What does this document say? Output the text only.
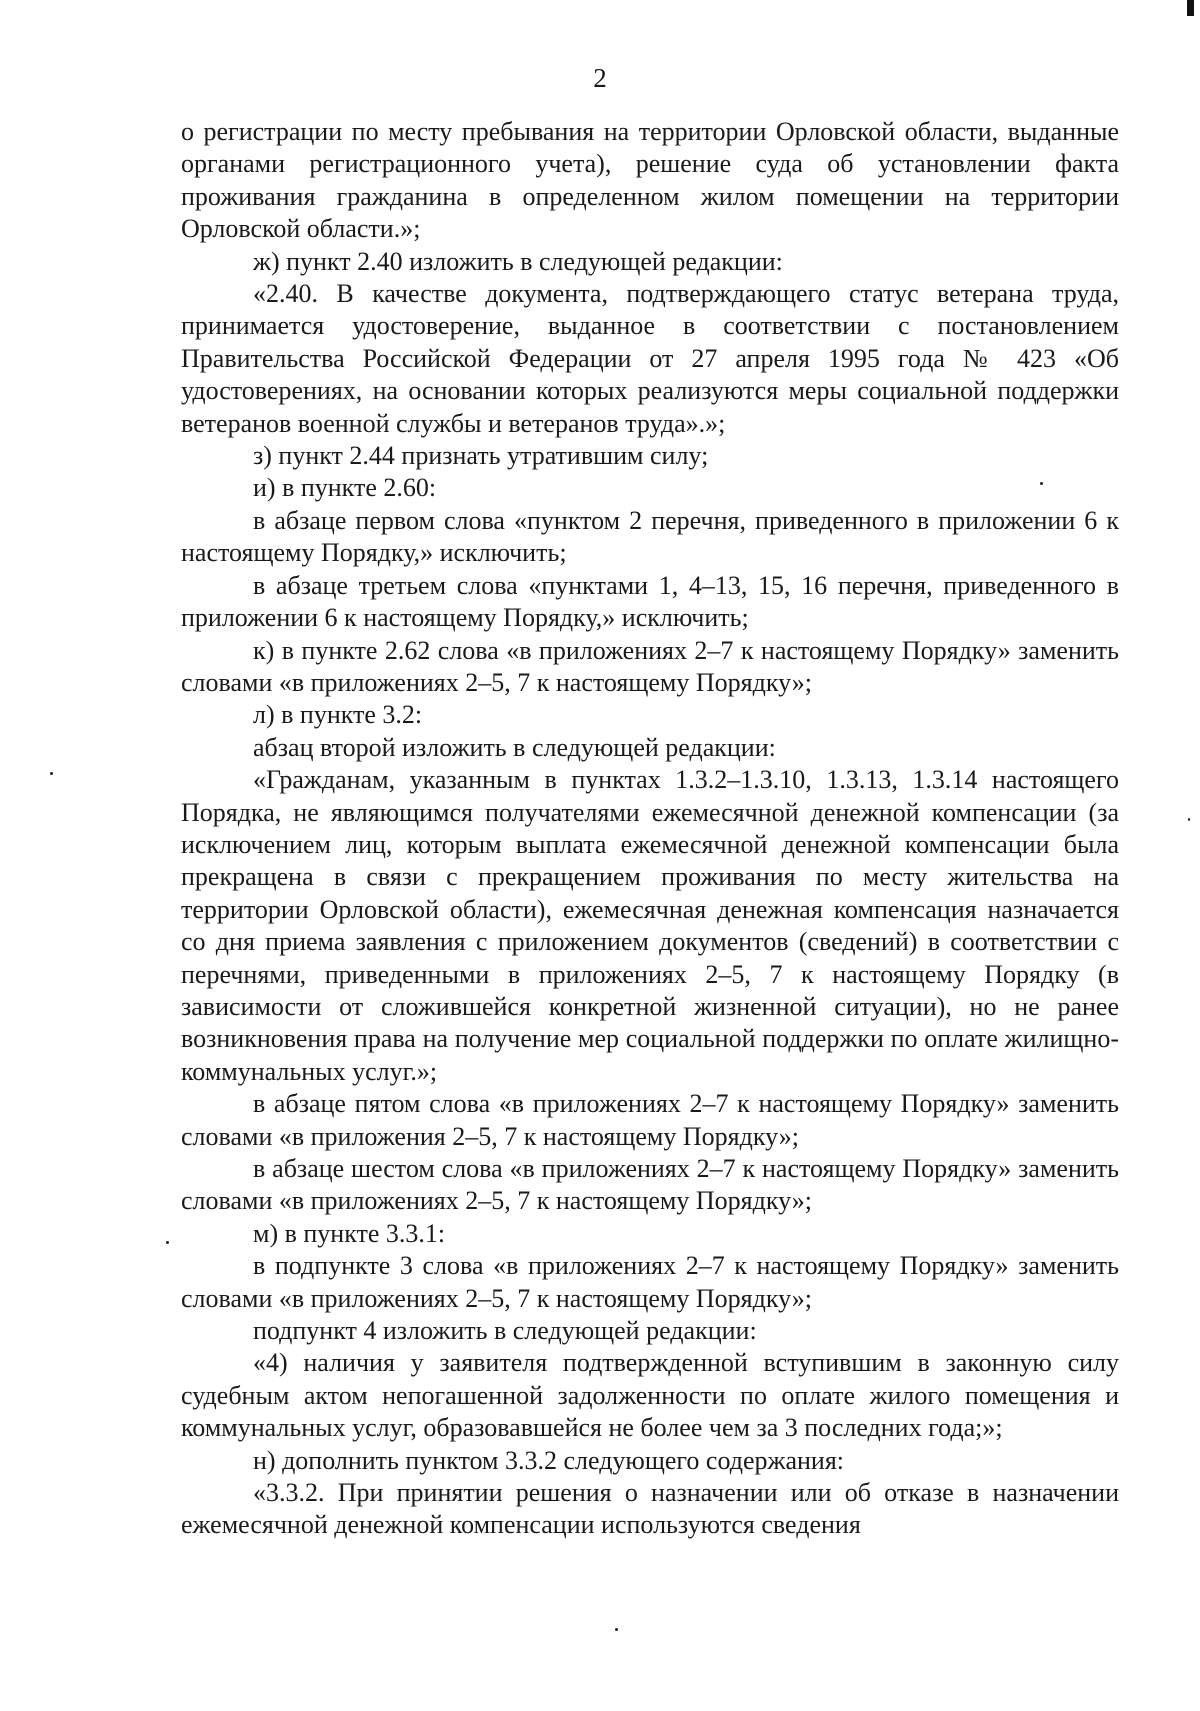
2

о регистрации по месту пребывания на территории Орловской области, выданные органами регистрационного учета), решение суда об установлении факта проживания гражданина в определенном жилом помещении на территории Орловской области.»;

ж) пункт 2.40 изложить в следующей редакции:

«2.40. В качестве документа, подтверждающего статус ветерана труда, принимается удостоверение, выданное в соответствии с постановлением Правительства Российской Федерации от 27 апреля 1995 года № 423 «Об удостоверениях, на основании которых реализуются меры социальной поддержки ветеранов военной службы и ветеранов труда».»;

з) пункт 2.44 признать утратившим силу;

и) в пункте 2.60:

в абзаце первом слова «пунктом 2 перечня, приведенного в приложении 6 к настоящему Порядку,» исключить;

в абзаце третьем слова «пунктами 1, 4–13, 15, 16 перечня, приведенного в приложении 6 к настоящему Порядку,» исключить;

к) в пункте 2.62 слова «в приложениях 2–7 к настоящему Порядку» заменить словами «в приложениях 2–5, 7 к настоящему Порядку»;

л) в пункте 3.2:

абзац второй изложить в следующей редакции:

«Гражданам, указанным в пунктах 1.3.2–1.3.10, 1.3.13, 1.3.14 настоящего Порядка, не являющимся получателями ежемесячной денежной компенсации (за исключением лиц, которым выплата ежемесячной денежной компенсации была прекращена в связи с прекращением проживания по месту жительства на территории Орловской области), ежемесячная денежная компенсация назначается со дня приема заявления с приложением документов (сведений) в соответствии с перечнями, приведенными в приложениях 2–5, 7 к настоящему Порядку (в зависимости от сложившейся конкретной жизненной ситуации), но не ранее возникновения права на получение мер социальной поддержки по оплате жилищно-коммунальных услуг.»;

в абзаце пятом слова «в приложениях 2–7 к настоящему Порядку» заменить словами «в приложения 2–5, 7 к настоящему Порядку»;

в абзаце шестом слова «в приложениях 2–7 к настоящему Порядку» заменить словами «в приложениях 2–5, 7 к настоящему Порядку»;

м) в пункте 3.3.1:

в подпункте 3 слова «в приложениях 2–7 к настоящему Порядку» заменить словами «в приложениях 2–5, 7 к настоящему Порядку»;

подпункт 4 изложить в следующей редакции:

«4) наличия у заявителя подтвержденной вступившим в законную силу судебным актом непогашенной задолженности по оплате жилого помещения и коммунальных услуг, образовавшейся не более чем за 3 последних года;»;

н) дополнить пунктом 3.3.2 следующего содержания:

«3.3.2. При принятии решения о назначении или об отказе в назначении ежемесячной денежной компенсации используются сведения
